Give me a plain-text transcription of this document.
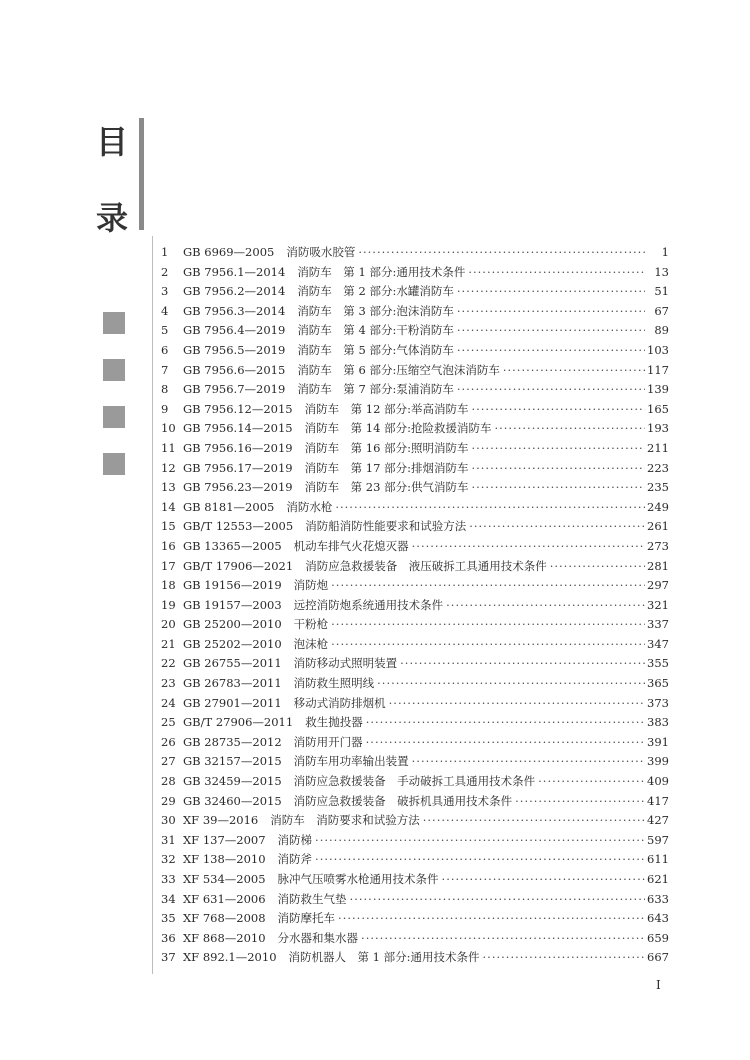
目
录
1	GB 6969—2005 消防吸水胶管 ·····	1
2	GB 7956.1—2014 消防车　第 1 部分:通用技术条件 ·····	13
3	GB 7956.2—2014 消防车　第 2 部分:水罐消防车 ·····	51
4	GB 7956.3—2014 消防车　第 3 部分:泡沫消防车 ·····	67
5	GB 7956.4—2019 消防车　第 4 部分:干粉消防车 ·····	89
6	GB 7956.5—2019 消防车　第 5 部分:气体消防车 ·····	103
7	GB 7956.6—2015 消防车　第 6 部分:压缩空气泡沫消防车 ·····	117
8	GB 7956.7—2019 消防车　第 7 部分:泵浦消防车 ·····	139
9	GB 7956.12—2015 消防车　第 12 部分:举高消防车 ·····	165
10 GB 7956.14—2015 消防车　第 14 部分:抢险救援消防车 ·····	193
11 GB 7956.16—2019 消防车　第 16 部分:照明消防车 ·····	211
12 GB 7956.17—2019 消防车　第 17 部分:排烟消防车 ·····	223
13 GB 7956.23—2019 消防车　第 23 部分:供气消防车 ·····	235
14 GB 8181—2005 消防水枪 ·····	249
15 GB/T 12553—2005 消防船消防性能要求和试验方法 ·····	261
16 GB 13365—2005 机动车排气火花熄灭器 ·····	273
17 GB/T 17906—2021 消防应急救援装备　液压破拆工具通用技术条件 ·····	281
18 GB 19156—2019 消防炮 ·····	297
19 GB 19157—2003 远控消防炮系统通用技术条件 ·····	321
20 GB 25200—2010 干粉枪 ·····	337
21 GB 25202—2010 泡沫枪 ·····	347
22 GB 26755—2011 消防移动式照明装置 ·····	355
23 GB 26783—2011 消防救生照明线 ·····	365
24 GB 27901—2011 移动式消防排烟机 ·····	373
25 GB/T 27906—2011 救生抛投器 ·····	383
26 GB 28735—2012 消防用开门器 ·····	391
27 GB 32157—2015 消防车用功率输出装置 ·····	399
28 GB 32459—2015 消防应急救援装备　手动破拆工具通用技术条件 ·····	409
29 GB 32460—2015 消防应急救援装备　破拆机具通用技术条件 ·····	417
30 XF 39—2016 消防车　消防要求和试验方法 ·····	427
31 XF 137—2007 消防梯 ·····	597
32 XF 138—2010 消防斧 ·····	611
33 XF 534—2005 脉冲气压喷雾水枪通用技术条件 ·····	621
34 XF 631—2006 消防救生气垫 ·····	633
35 XF 768—2008 消防摩托车 ·····	643
36 XF 868—2010 分水器和集水器 ·····	659
37 XF 892.1—2010 消防机器人　第 1 部分:通用技术条件 ·····	667
I
